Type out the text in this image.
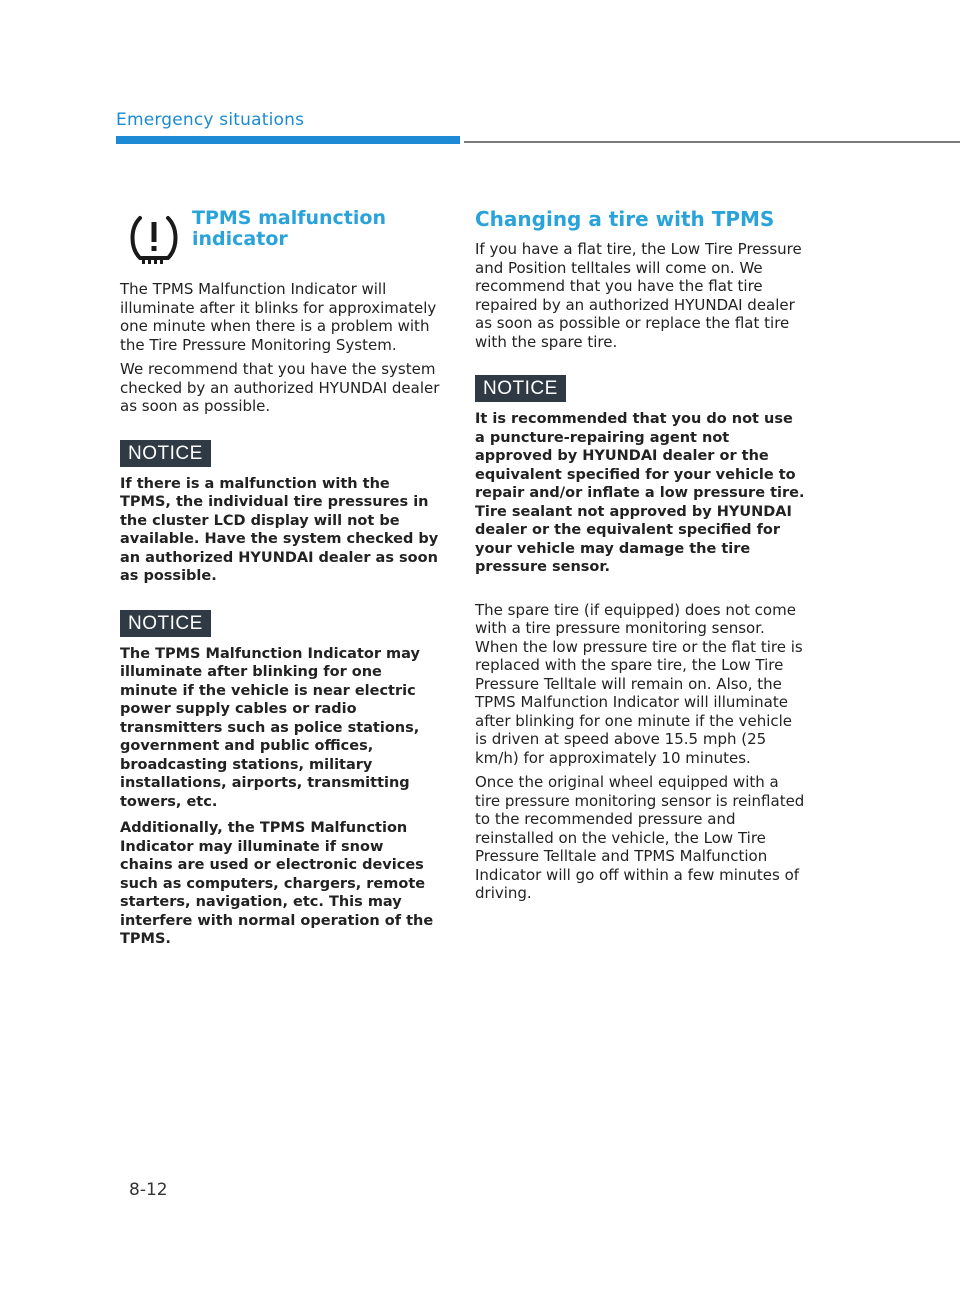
Emergency situations
TPMS malfunction indicator

The TPMS Malfunction Indicator will illuminate after it blinks for approximately one minute when there is a problem with the Tire Pressure Monitoring System.

We recommend that you have the system checked by an authorized HYUNDAI dealer as soon as possible.

NOTICE

If there is a malfunction with the TPMS, the individual tire pressures in the cluster LCD display will not be available. Have the system checked by an authorized HYUNDAI dealer as soon as possible.

NOTICE

The TPMS Malfunction Indicator may illuminate after blinking for one minute if the vehicle is near electric power supply cables or radio transmitters such as police stations, government and public offices, broadcasting stations, military installations, airports, transmitting towers, etc.

Additionally, the TPMS Malfunction Indicator may illuminate if snow chains are used or electronic devices such as computers, chargers, remote starters, navigation, etc. This may interfere with normal operation of the TPMS.

Changing a tire with TPMS

If you have a flat tire, the Low Tire Pressure and Position telltales will come on. We recommend that you have the flat tire repaired by an authorized HYUNDAI dealer as soon as possible or replace the flat tire with the spare tire.

NOTICE

It is recommended that you do not use a puncture-repairing agent not approved by HYUNDAI dealer or the equivalent specified for your vehicle to repair and/or inflate a low pressure tire. Tire sealant not approved by HYUNDAI dealer or the equivalent specified for your vehicle may damage the tire pressure sensor.

The spare tire (if equipped) does not come with a tire pressure monitoring sensor. When the low pressure tire or the flat tire is replaced with the spare tire, the Low Tire Pressure Telltale will remain on. Also, the TPMS Malfunction Indicator will illuminate after blinking for one minute if the vehicle is driven at speed above 15.5 mph (25 km/h) for approximately 10 minutes.

Once the original wheel equipped with a tire pressure monitoring sensor is reinflated to the recommended pressure and reinstalled on the vehicle, the Low Tire Pressure Telltale and TPMS Malfunction Indicator will go off within a few minutes of driving.

8-12
